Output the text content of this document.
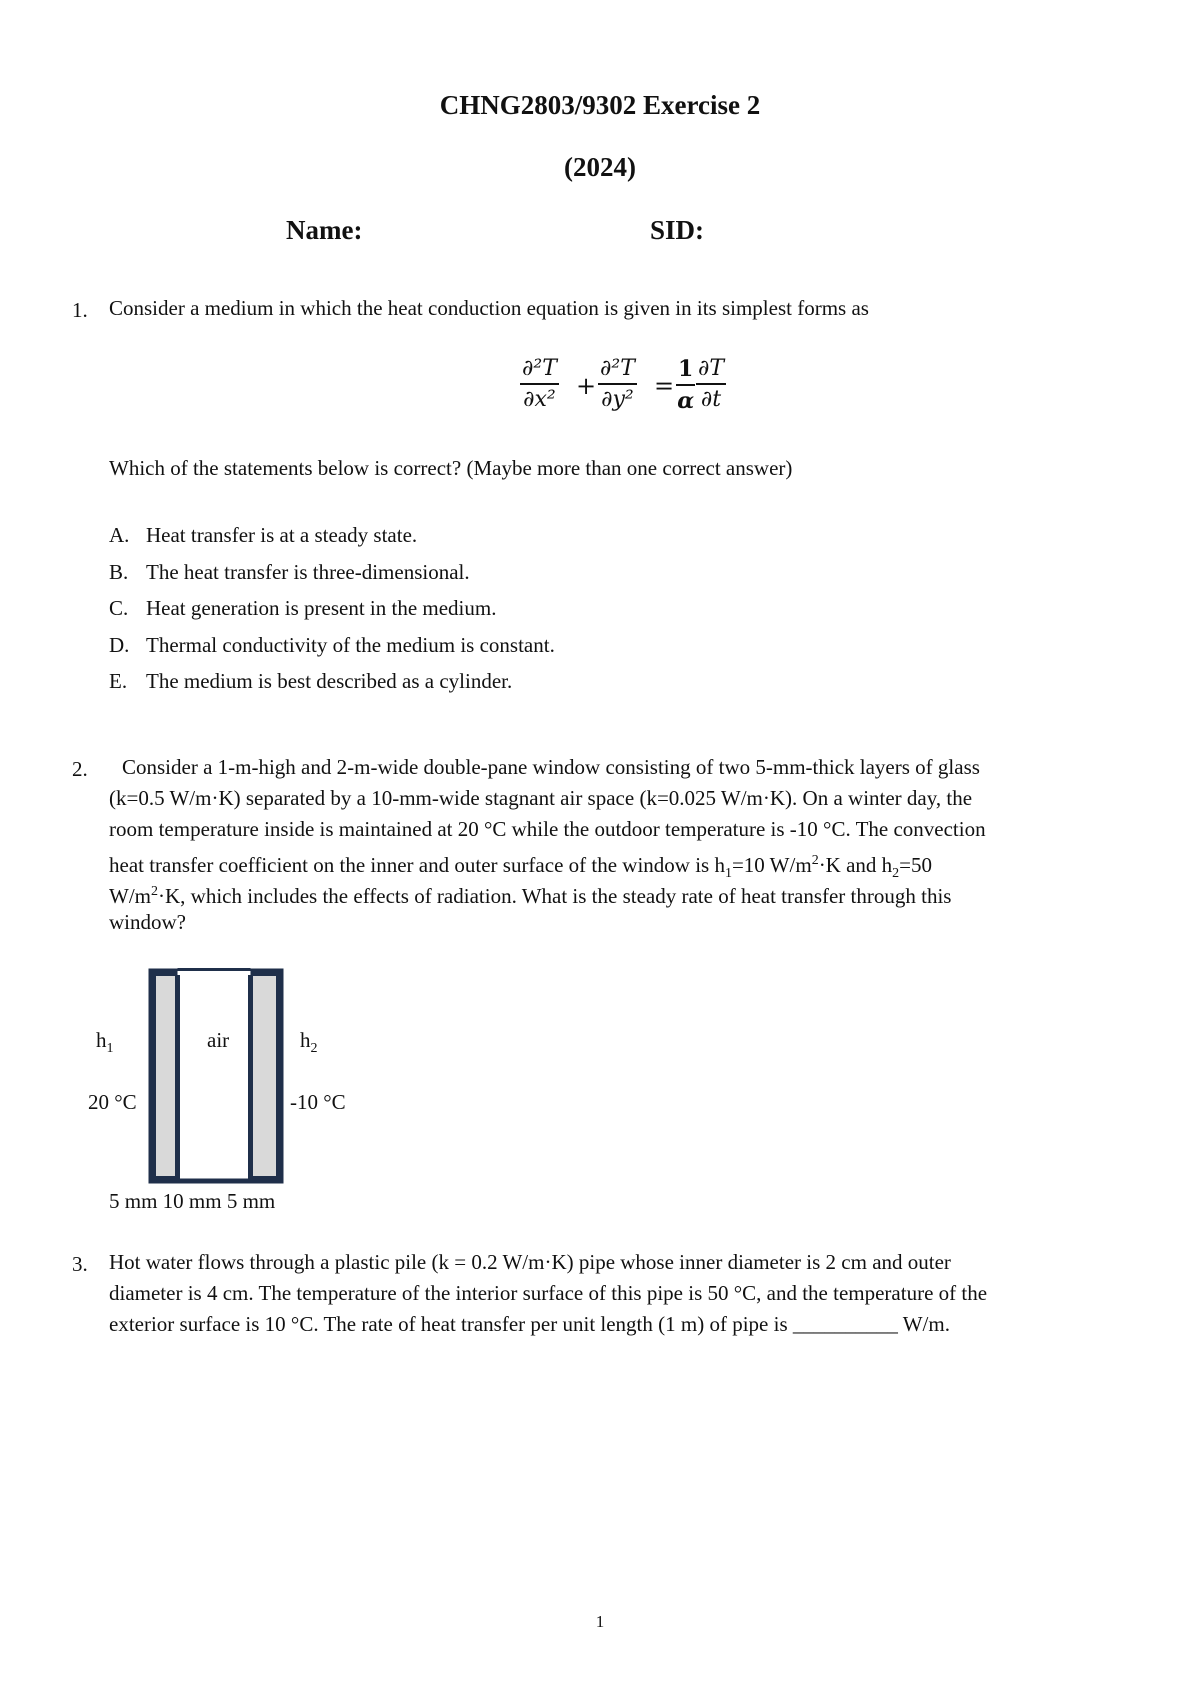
CHNG2803/9302 Exercise 2
(2024)
Name:	SID:
1. Consider a medium in which the heat conduction equation is given in its simplest forms as
$\frac{\text{∂²T}}{\text{∂x²}} + \frac{\text{∂²T}}{\text{∂y²}} = \frac{1}{\alpha} \frac{\partial T}{\partial t}$
Which of the statements below is correct? (Maybe more than one correct answer)
A. Heat transfer is at a steady state.
B. The heat transfer is three-dimensional.
C. Heat generation is present in the medium.
D. Thermal conductivity of the medium is constant.
E. The medium is best described as a cylinder.
2. Consider a 1-m-high and 2-m-wide double-pane window consisting of two 5-mm-thick layers of glass
(k=0.5 W/m·K) separated by a 10-mm-wide stagnant air space (k=0.025 W/m·K). On a winter day, the
room temperature inside is maintained at 20 °C while the outdoor temperature is -10 °C. The convection
heat transfer coefficient on the inner and outer surface of the window is $h_1=10$ $W/m^2\cdot K$ and $h_2=50$
$W/m^2\cdot K$, which includes the effects of radiation. What is the steady rate of heat transfer through this
window?
$h_1$	air	$h_2$
20 °C	-10 °C
5 mm 10 mm 5 mm
3. Hot water flows through a plastic pile (k = 0.2 W/m·K) pipe whose inner diameter is 2 cm and outer
diameter is 4 cm. The temperature of the interior surface of this pipe is 50 °C, and the temperature of the
exterior surface is 10 °C. The rate of heat transfer per unit length (1 m) of pipe is __________ W/m.
1
